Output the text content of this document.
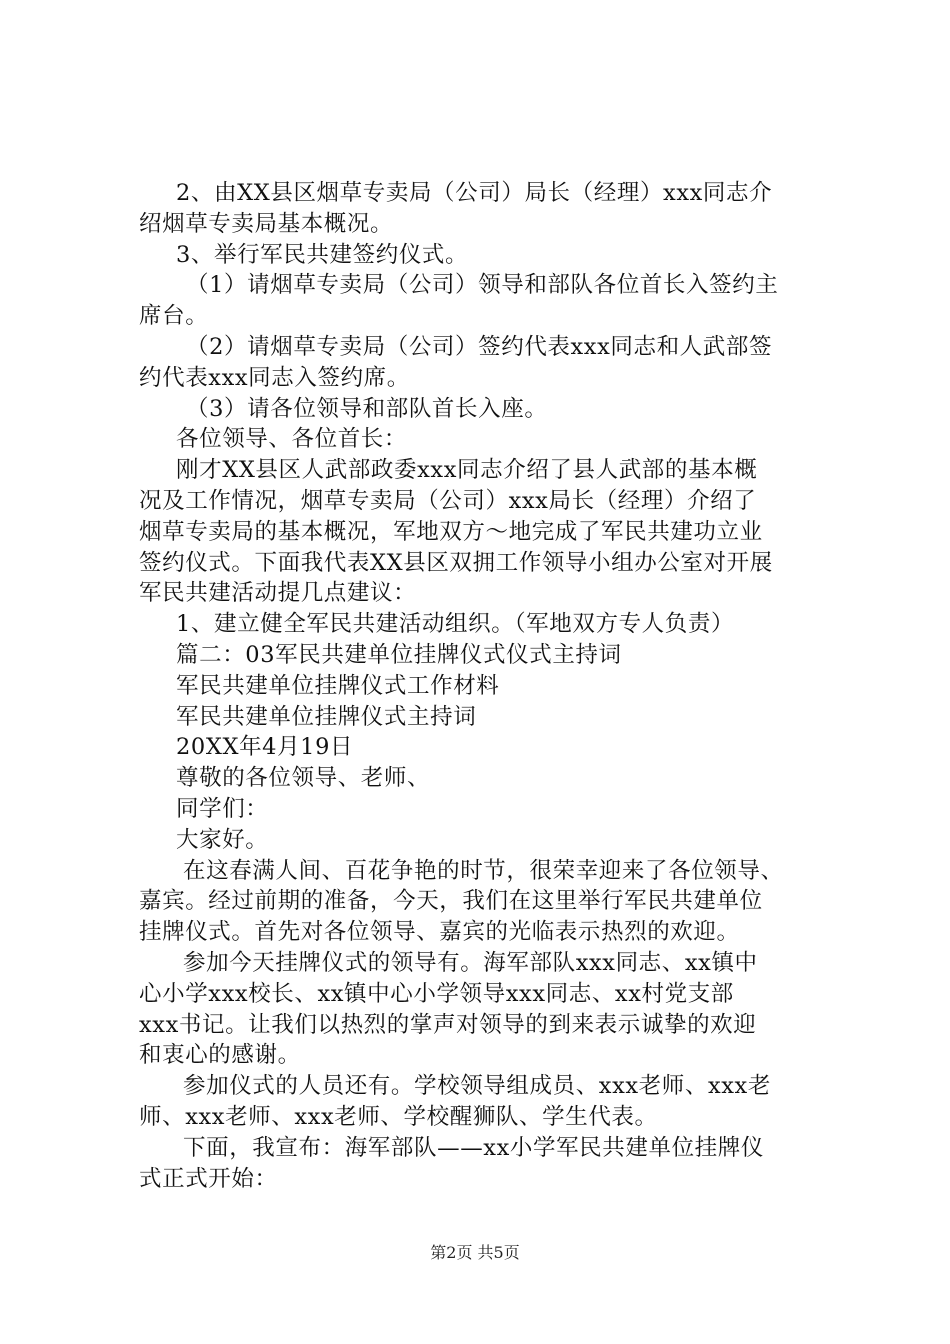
2、由XX县区烟草专卖局（公司）局长（经理）xxx同志介
绍烟草专卖局基本概况。
3、举行军民共建签约仪式。
（1）请烟草专卖局（公司）领导和部队各位首长入签约主
席台。
（2）请烟草专卖局（公司）签约代表xxx同志和人武部签
约代表xxx同志入签约席。
（3）请各位领导和部队首长入座。
各位领导、各位首长：
刚才XX县区人武部政委xxx同志介绍了县人武部的基本概
况及工作情况，烟草专卖局（公司）xxx局长（经理）介绍了
烟草专卖局的基本概况，军地双方～地完成了军民共建功立业
签约仪式。下面我代表XX县区双拥工作领导小组办公室对开展
军民共建活动提几点建议：
1、建立健全军民共建活动组织。（军地双方专人负责）
篇二：03军民共建单位挂牌仪式仪式主持词
军民共建单位挂牌仪式工作材料
军民共建单位挂牌仪式主持词
20XX年4月19日
尊敬的各位领导、老师、
同学们：
大家好。
在这春满人间、百花争艳的时节，很荣幸迎来了各位领导、
嘉宾。经过前期的准备，今天，我们在这里举行军民共建单位
挂牌仪式。首先对各位领导、嘉宾的光临表示热烈的欢迎。
参加今天挂牌仪式的领导有。海军部队xxx同志、xx镇中
心小学xxx校长、xx镇中心小学领导xxx同志、xx村党支部
xxx书记。让我们以热烈的掌声对领导的到来表示诚挚的欢迎
和衷心的感谢。
参加仪式的人员还有。学校领导组成员、xxx老师、xxx老
师、xxx老师、xxx老师、学校醒狮队、学生代表。
下面，我宣布：海军部队——xx小学军民共建单位挂牌仪
式正式开始：
第2页 共5页
